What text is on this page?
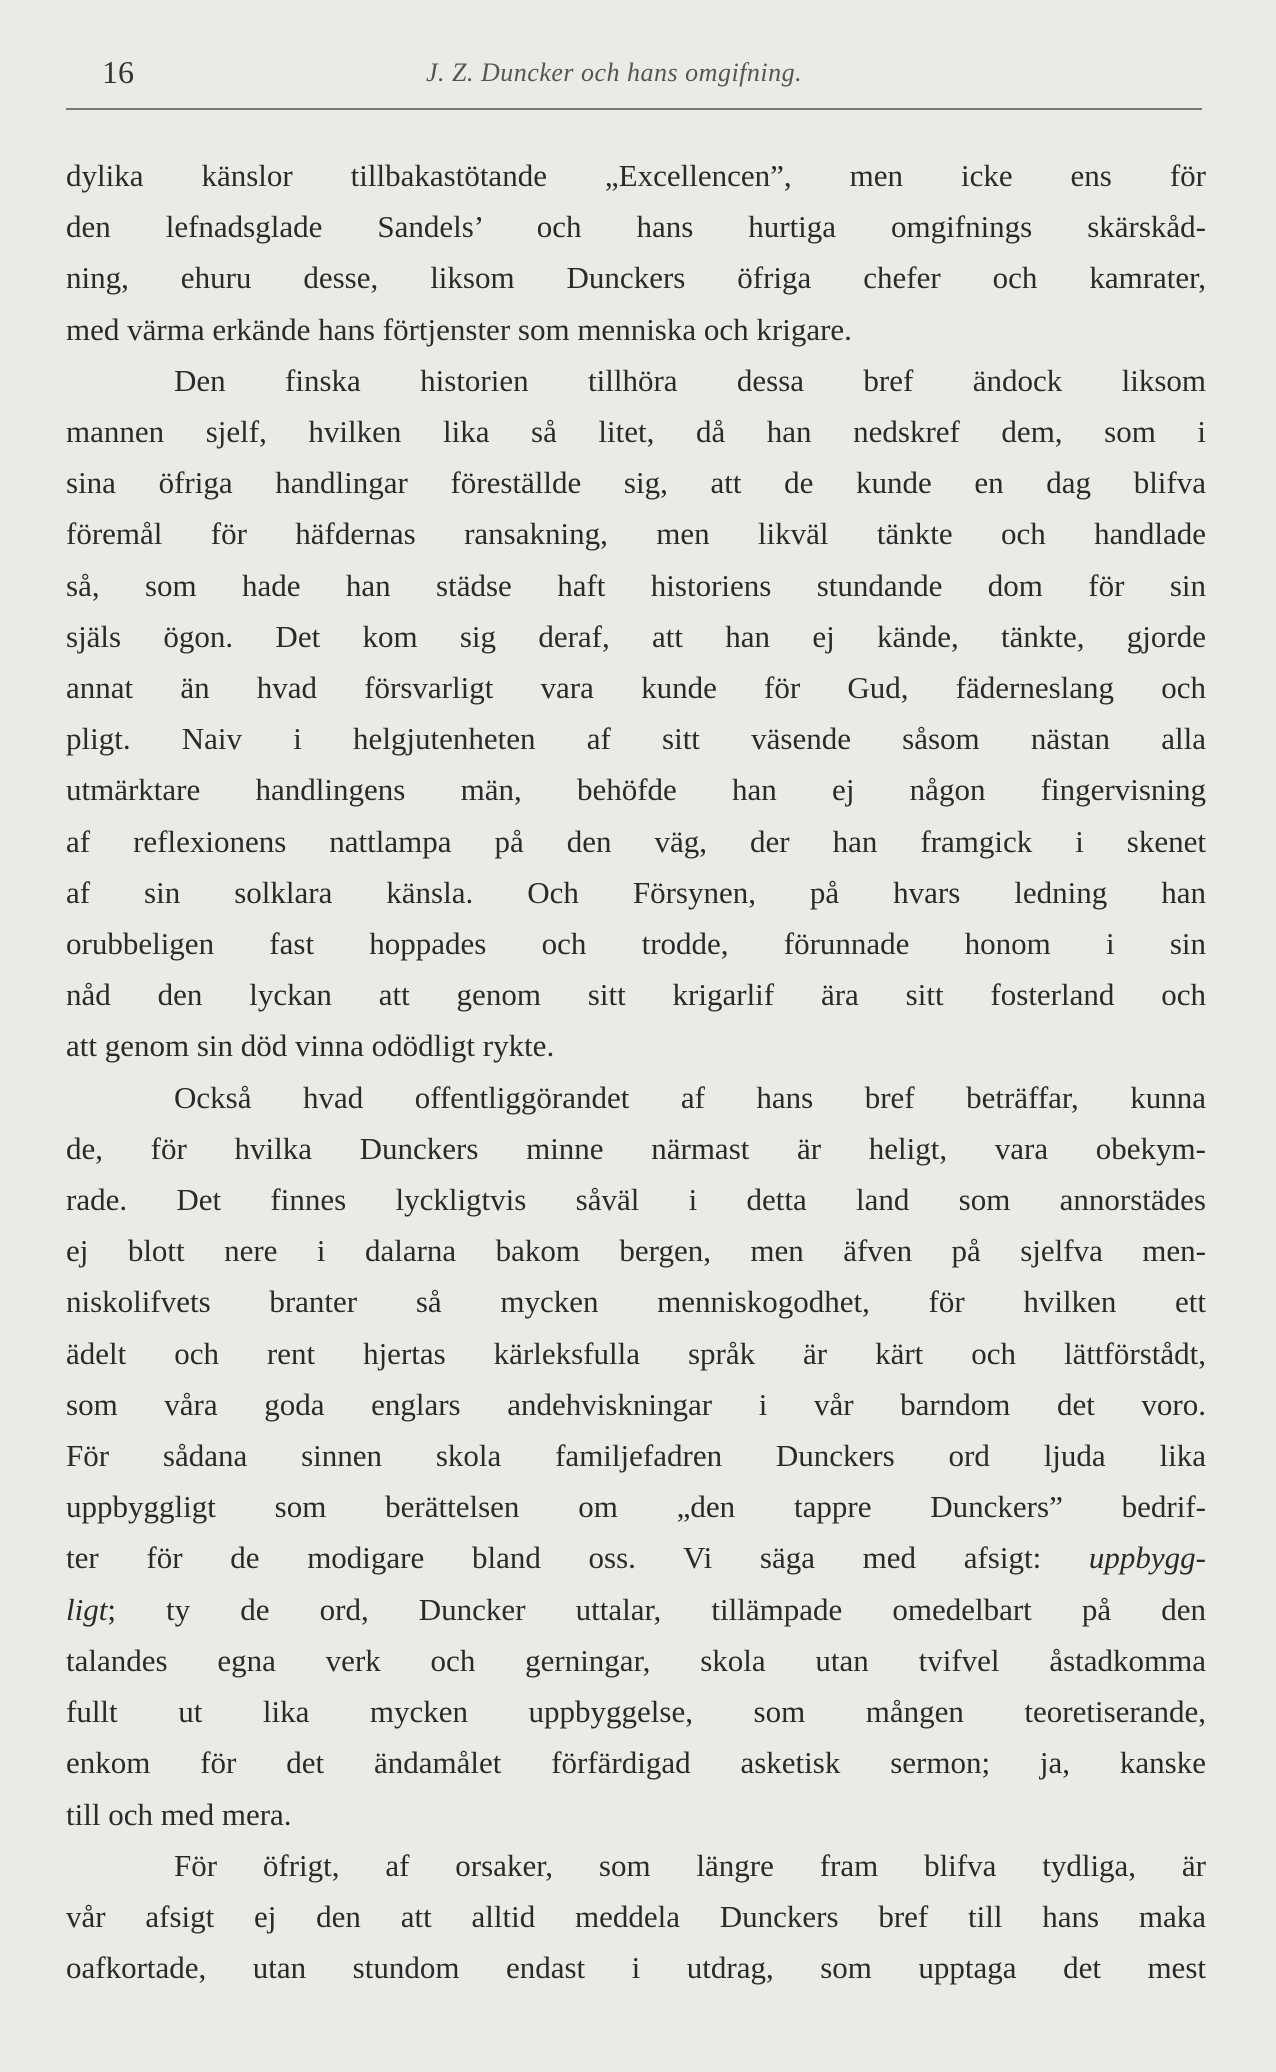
16	J. Z. Duncker och hans omgifning.

dylika känslor tillbakastötande „Excellencen”, men icke ens för
den lefnadsglade Sandels’ och hans hurtiga omgifnings skärskåd-
ning, ehuru desse, liksom Dunckers öfriga chefer och kamrater,
med värma erkände hans förtjenster som menniska och krigare.

Den finska historien tillhöra dessa bref ändock liksom
mannen sjelf, hvilken lika så litet, då han nedskref dem, som i
sina öfriga handlingar föreställde sig, att de kunde en dag blifva
föremål för häfdernas ransakning, men likväl tänkte och handlade
så, som hade han städse haft historiens stundande dom för sin
själs ögon. Det kom sig deraf, att han ej kände, tänkte, gjorde
annat än hvad försvarligt vara kunde för Gud, fäderneslang och
pligt. Naiv i helgjutenheten af sitt väsende såsom nästan alla
utmärktare handlingens män, behöfde han ej någon fingervisning
af reflexionens nattlampa på den väg, der han framgick i skenet
af sin solklara känsla. Och Försynen, på hvars ledning han
orubbeligen fast hoppades och trodde, förunnade honom i sin
nåd den lyckan att genom sitt krigarlif ära sitt fosterland och
att genom sin död vinna odödligt rykte.

Också hvad offentliggörandet af hans bref beträffar, kunna
de, för hvilka Dunckers minne närmast är heligt, vara obekym-
rade. Det finnes lyckligtvis såväl i detta land som annorstädes
ej blott nere i dalarna bakom bergen, men äfven på sjelfva men-
niskolifvets branter så mycken menniskogodhet, för hvilken ett
ädelt och rent hjertas kärleksfulla språk är kärt och lättförstådt,
som våra goda englars andehviskningar i vår barndom det voro.
För sådana sinnen skola familjefadren Dunckers ord ljuda lika
uppbyggligt som berättelsen om „den tappre Dunckers” bedrif-
ter för de modigare bland oss. Vi säga med afsigt: uppbygg-
ligt; ty de ord, Duncker uttalar, tillämpade omedelbart på den
talandes egna verk och gerningar, skola utan tvifvel åstadkomma
fullt ut lika mycken uppbyggelse, som mången teoretiserande,
enkom för det ändamålet förfärdigad asketisk sermon; ja, kanske
till och med mera.

För öfrigt, af orsaker, som längre fram blifva tydliga, är
vår afsigt ej den att alltid meddela Dunckers bref till hans maka
oafkortade, utan stundom endast i utdrag, som upptaga det mest
